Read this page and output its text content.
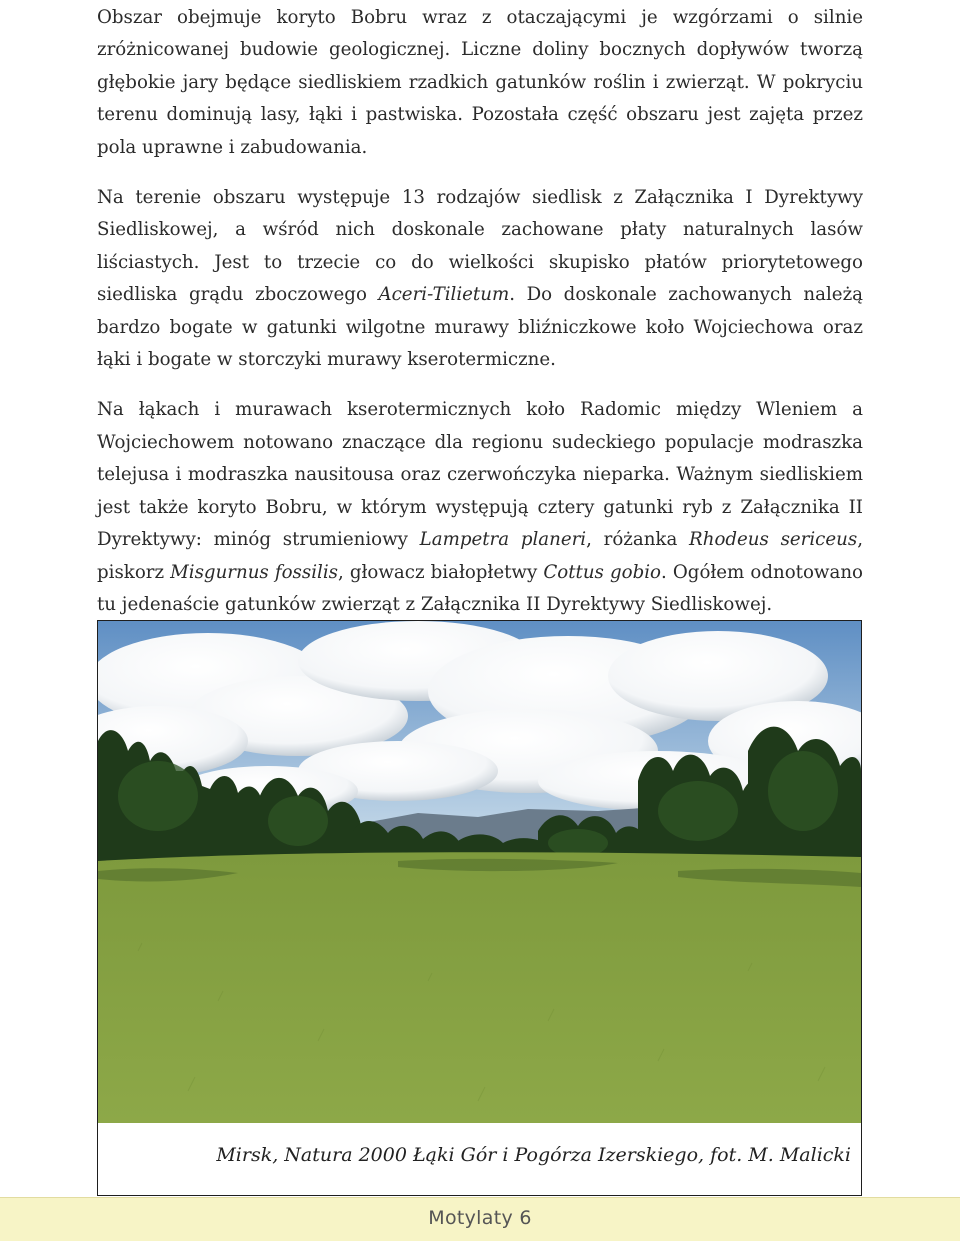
Obszar obejmuje koryto Bobru wraz z otaczającymi je wzgórzami o silnie zróżnicowanej budowie geologicznej. Liczne doliny bocznych dopływów tworzą głębokie jary będące siedliskiem rzadkich gatunków roślin i zwierząt. W pokryciu terenu dominują lasy, łąki i pastwiska. Pozostała część obszaru jest zajęta przez pola uprawne i zabudowania.

Na terenie obszaru występuje 13 rodzajów siedlisk z Załącznika I Dyrektywy Siedliskowej, a wśród nich doskonale zachowane płaty naturalnych lasów liściastych. Jest to trzecie co do wielkości skupisko płatów priorytetowego siedliska grądu zboczowego Aceri-Tilietum. Do doskonale zachowanych należą bardzo bogate w gatunki wilgotne murawy bliźniczkowe koło Wojciechowa oraz łąki i bogate w storczyki murawy kserotermiczne.

Na łąkach i murawach kserotermicznych koło Radomic między Wleniem a Wojciechowem notowano znaczące dla regionu sudeckiego populacje modraszka telejusa i modraszka nausitousa oraz czerwończyka nieparka. Ważnym siedliskiem jest także koryto Bobru, w którym występują cztery gatunki ryb z Załącznika II Dyrektywy: minóg strumieniowy Lampetra planeri, różanka Rhodeus sericeus, piskorz Misgurnus fossilis, głowacz białopłetwy Cottus gobio. Ogółem odnotowano tu jedenaście gatunków zwierząt z Załącznika II Dyrektywy Siedliskowej.

Mirsk, Natura 2000 Łąki Gór i Pogórza Izerskiego, fot. M. Malicki
Motylaty 6
